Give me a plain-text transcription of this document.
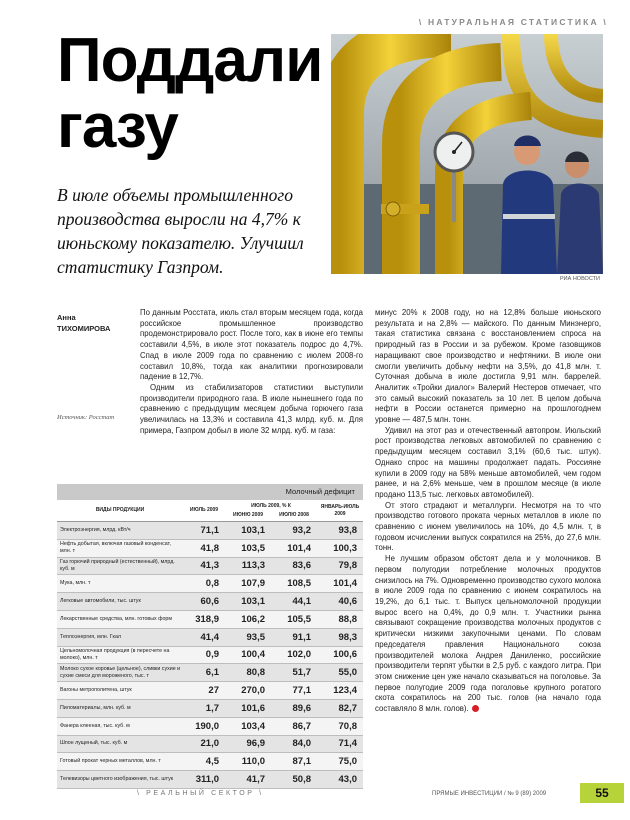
\ НАТУРАЛЬНАЯ СТАТИСТИКА \
Поддали
газу
В июле объемы промышленного производства выросли на 4,7% к июньскому показателю. Улучшил статистику Газпром.
РИА НОВОСТИ
Анна
ТИХОМИРОВА
Источник: Росстат

По данным Росстата, июль стал вторым месяцем года, когда российское промышленное производство продемонстрировало рост. После того, как в июне его темпы составили 4,5%, в июле этот показатель подрос до 4,7%. Спад в июле 2009 года по сравнению с июлем 2008-го составил 10,8%, тогда как аналитики прогнозировали падение в 12,7%.

Одним из стабилизаторов статистики выступили производители природного газа. В июле нынешнего года по сравнению с предыдущим месяцем добыча горючего газа увеличилась на 13,3% и составила 41,3 млрд. куб. м. Для примера, Газпром добыл в июле 32 млрд. куб. м газа:

минус 20% к 2008 году, но на 12,8% больше июньского результата и на 2,8% — майского. По данным Минэнерго, такая статистика связана с восстановлением спроса на природный газ в России и за рубежом. Кроме газовщиков наращивают свое производство и нефтяники. В июле они смогли увеличить добычу нефти на 3,5%, до 41,8 млн. т. Суточная добыча в июле достигла 9,91 млн. баррелей. Аналитик «Тройки диалог» Валерий Нестеров отмечает, что это самый высокий показатель за 10 лет. В целом добыча нефти в России останется примерно на прошлогоднем уровне — 487,5 млн. тонн.

Удивил на этот раз и отечественный автопром. Июльский рост производства легковых автомобилей по сравнению с предыдущим месяцем составил 3,1% (60,6 тыс. штук). Однако спрос на машины продолжает падать. Россияне купили в 2009 году на 58% меньше автомобилей, чем годом ранее, и на 2,6% меньше, чем в прошлом месяце (в июле продано 113,5 тыс. легковых автомобилей).

От этого страдают и металлурги. Несмотря на то что производство готового проката черных металлов в июле по сравнению с июнем увеличилось на 10%, до 4,5 млн. т, в годовом исчислении выпуск сократился на 25%, до 27,6 млн. тонн.

Не лучшим образом обстоят дела и у молочников. В первом полугодии потребление молочных продуктов снизилось на 7%. Одновременно производство сухого молока в июле 2009 года по сравнению с июнем сократилось на 19,2%, до 6,1 тыс. т. Выпуск цельномолочной продукции вырос всего на 0,4%, до 0,9 млн. т. Участники рынка связывают сокращение производства молочных продуктов с критически низкими закупочными ценами. По словам председателя правления Национального союза производителей молока Андрея Даниленко, российские производители терпят убытки в 2,5 руб. с каждого литра. При этом снижение цен уже начало сказываться на поголовье. За первое полугодие 2009 года поголовье крупного рогатого скота сократилось на 200 тыс. голов (на начало года составляло 8 млн. голов).

Молочный дефицит
ВИДЫ ПРОДУКЦИИ	ИЮЛЬ 2009	ИЮЛЬ 2009, % К		ЯНВАРЬ-ИЮЛЬ 2009
		ИЮНЮ 2009	ИЮЛЮ 2008	
Электроэнергия, млрд. кВт/ч	71,1	103,1	93,2	93,8
Нефть добытая, включая газовый конденсат, млн. т	41,8	103,5	101,4	100,3
Газ горючий природный (естественный), млрд. куб. м	41,3	113,3	83,6	79,8
Мука, млн. т	0,8	107,9	108,5	101,4
Легковые автомобили, тыс. штук	60,6	103,1	44,1	40,6
Лекарственные средства, млн. готовых форм	318,9	106,2	105,5	88,8
Теплоэнергия, млн. Гкал	41,4	93,5	91,1	98,3
Цельномолочная продукция (в пересчете на молоко), млн. т	0,9	100,4	102,0	100,6
Молоко сухое коровье (цельное), сливки сухие и сухие смеси для мороженого, тыс. т	6,1	80,8	51,7	55,0
Вагоны метрополитена, штук	27	270,0	77,1	123,4
Пиломатериалы, млн. куб. м	1,7	101,6	89,6	82,7
Фанера клееная, тыс. куб. м	190,0	103,4	86,7	70,8
Шпон лущеный, тыс. куб. м	21,0	96,9	84,0	71,4
Готовый прокат черных металлов, млн. т	4,5	110,0	87,1	75,0
Телевизоры цветного изображения, тыс. штук	311,0	41,7	50,8	43,0
\ РЕАЛЬНЫЙ СЕКТОР \	ПРЯМЫЕ ИНВЕСТИЦИИ / № 9 (89) 2009	55
